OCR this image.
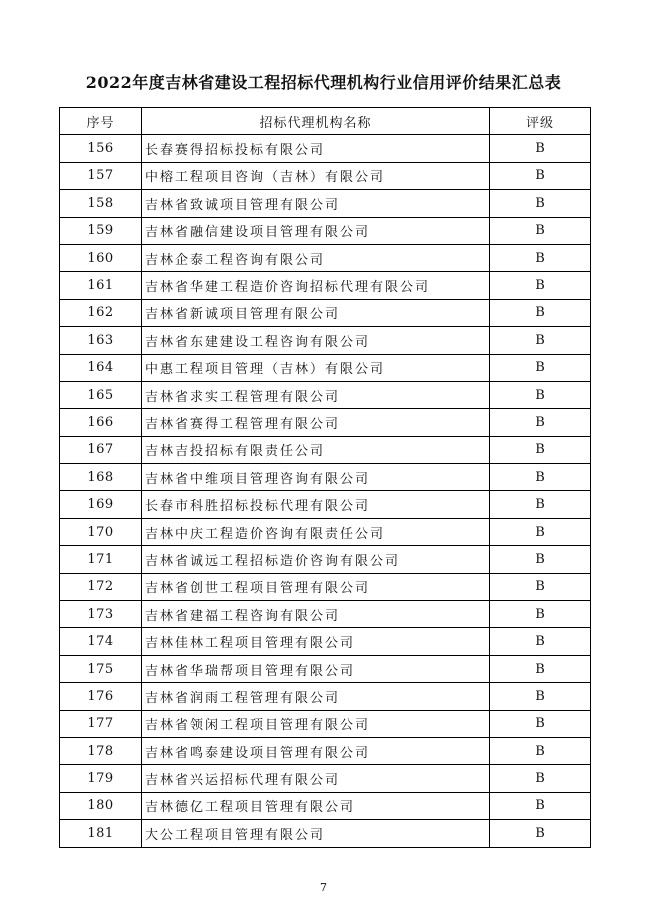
2022年度吉林省建设工程招标代理机构行业信用评价结果汇总表
序号	招标代理机构名称	评级
156	长春赛得招标投标有限公司	B
157	中榕工程项目咨询（吉林）有限公司	B
158	吉林省致诚项目管理有限公司	B
159	吉林省融信建设项目管理有限公司	B
160	吉林企泰工程咨询有限公司	B
161	吉林省华建工程造价咨询招标代理有限公司	B
162	吉林省新诚项目管理有限公司	B
163	吉林省东建建设工程咨询有限公司	B
164	中惠工程项目管理（吉林）有限公司	B
165	吉林省求实工程管理有限公司	B
166	吉林省赛得工程管理有限公司	B
167	吉林吉投招标有限责任公司	B
168	吉林省中维项目管理咨询有限公司	B
169	长春市科胜招标投标代理有限公司	B
170	吉林中庆工程造价咨询有限责任公司	B
171	吉林省诚远工程招标造价咨询有限公司	B
172	吉林省创世工程项目管理有限公司	B
173	吉林省建福工程咨询有限公司	B
174	吉林佳林工程项目管理有限公司	B
175	吉林省华瑞帮项目管理有限公司	B
176	吉林省润雨工程管理有限公司	B
177	吉林省领闲工程项目管理有限公司	B
178	吉林省鸣泰建设项目管理有限公司	B
179	吉林省兴运招标代理有限公司	B
180	吉林德亿工程项目管理有限公司	B
181	大公工程项目管理有限公司	B
7
